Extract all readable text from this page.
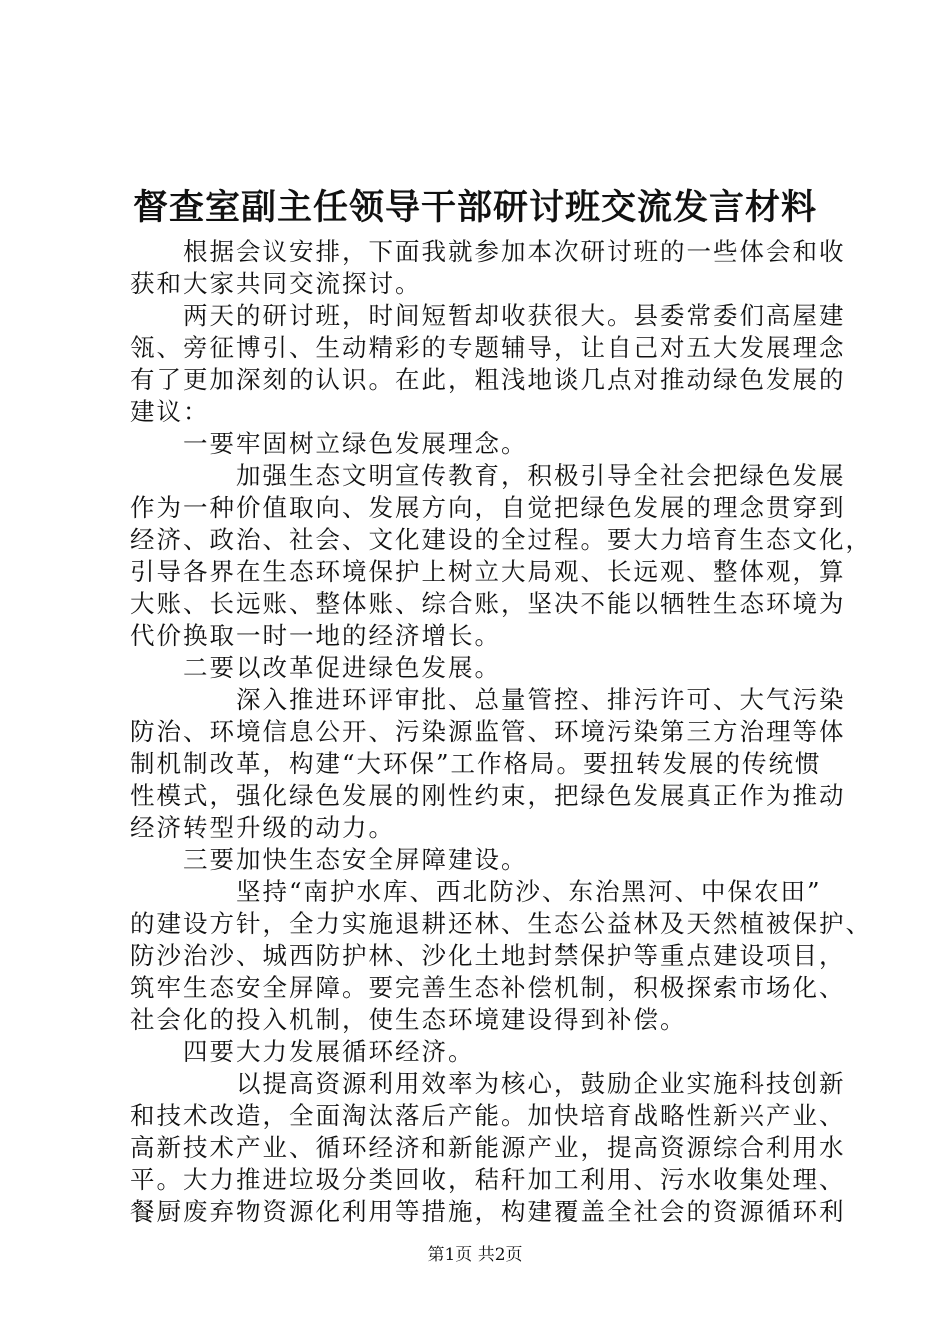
督查室副主任领导干部研讨班交流发言材料
　　根据会议安排，下面我就参加本次研讨班的一些体会和收
获和大家共同交流探讨。
　　两天的研讨班，时间短暂却收获很大。县委常委们高屋建
瓴、旁征博引、生动精彩的专题辅导，让自己对五大发展理念
有了更加深刻的认识。在此，粗浅地谈几点对推动绿色发展的
建议：
　　一要牢固树立绿色发展理念。
　　　　加强生态文明宣传教育，积极引导全社会把绿色发展
作为一种价值取向、发展方向，自觉把绿色发展的理念贯穿到
经济、政治、社会、文化建设的全过程。要大力培育生态文化，
引导各界在生态环境保护上树立大局观、长远观、整体观，算
大账、长远账、整体账、综合账，坚决不能以牺牲生态环境为
代价换取一时一地的经济增长。
　　二要以改革促进绿色发展。
　　　　深入推进环评审批、总量管控、排污许可、大气污染
防治、环境信息公开、污染源监管、环境污染第三方治理等体
制机制改革，构建“大环保”工作格局。要扭转发展的传统惯
性模式，强化绿色发展的刚性约束，把绿色发展真正作为推动
经济转型升级的动力。
　　三要加快生态安全屏障建设。
　　　　坚持“南护水库、西北防沙、东治黑河、中保农田”
的建设方针，全力实施退耕还林、生态公益林及天然植被保护、
防沙治沙、城西防护林、沙化土地封禁保护等重点建设项目，
筑牢生态安全屏障。要完善生态补偿机制，积极探索市场化、
社会化的投入机制，使生态环境建设得到补偿。
　　四要大力发展循环经济。
　　　　以提高资源利用效率为核心，鼓励企业实施科技创新
和技术改造，全面淘汰落后产能。加快培育战略性新兴产业、
高新技术产业、循环经济和新能源产业，提高资源综合利用水
平。大力推进垃圾分类回收，秸秆加工利用、污水收集处理、
餐厨废弃物资源化利用等措施，构建覆盖全社会的资源循环利
第1页 共2页
